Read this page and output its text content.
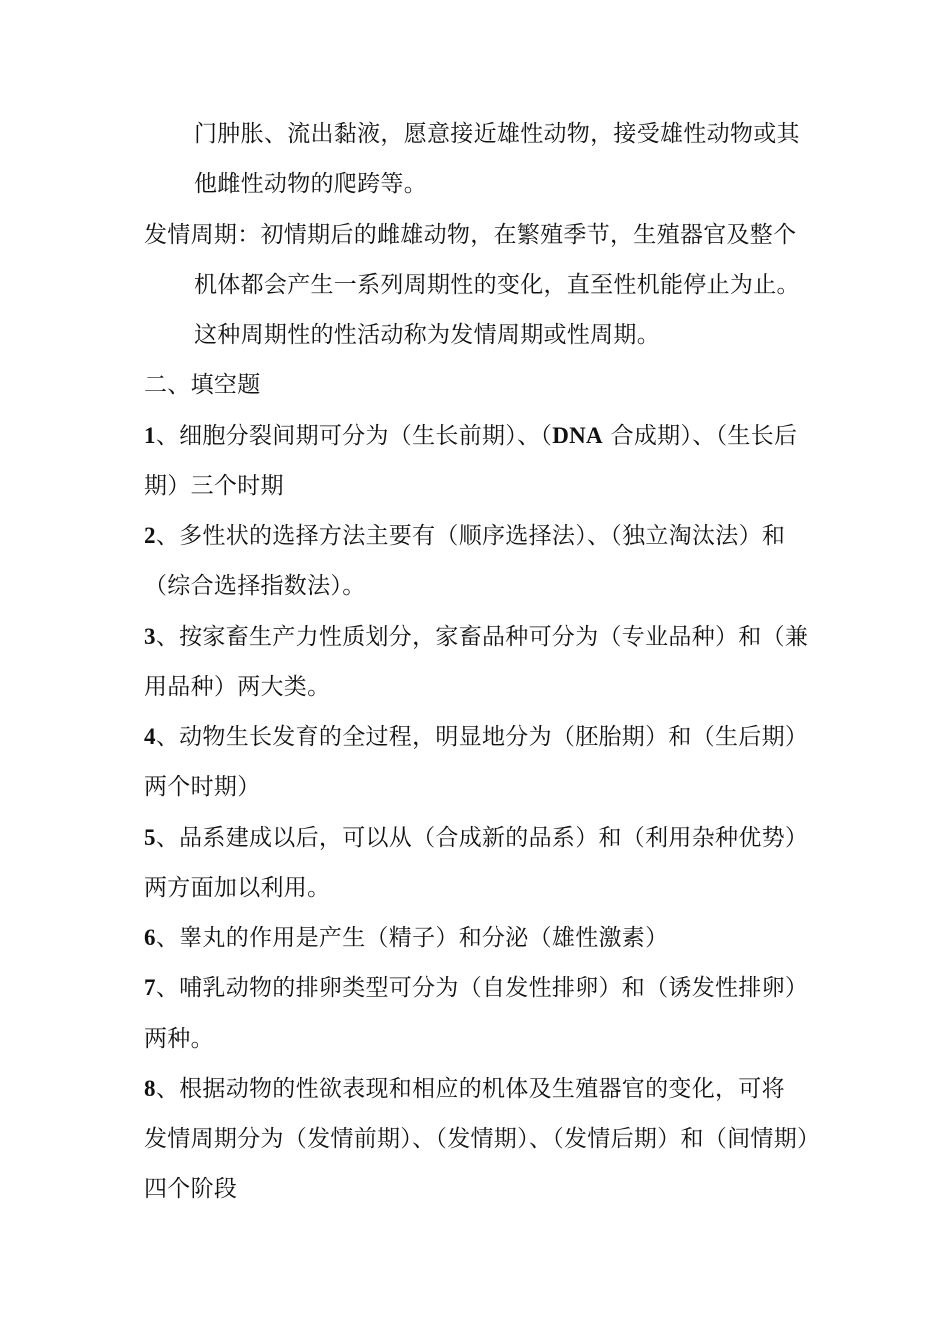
门肿胀、流出黏液，愿意接近雄性动物，接受雄性动物或其
他雌性动物的爬跨等。
发情周期：初情期后的雌雄动物，在繁殖季节，生殖器官及整个
机体都会产生一系列周期性的变化，直至性机能停止为止。
这种周期性的性活动称为发情周期或性周期。
二、填空题
1、细胞分裂间期可分为（生长前期）、（DNA 合成期）、（生长后
期）三个时期
2、多性状的选择方法主要有（顺序选择法）、（独立淘汰法）和
（综合选择指数法）。
3、按家畜生产力性质划分，家畜品种可分为（专业品种）和（兼
用品种）两大类。
4、动物生长发育的全过程，明显地分为（胚胎期）和（生后期）
两个时期）
5、品系建成以后，可以从（合成新的品系）和（利用杂种优势）
两方面加以利用。
6、睾丸的作用是产生（精子）和分泌（雄性激素）
7、哺乳动物的排卵类型可分为（自发性排卵）和（诱发性排卵）
两种。
8、根据动物的性欲表现和相应的机体及生殖器官的变化，可将
发情周期分为（发情前期）、（发情期）、（发情后期）和（间情期）
四个阶段
